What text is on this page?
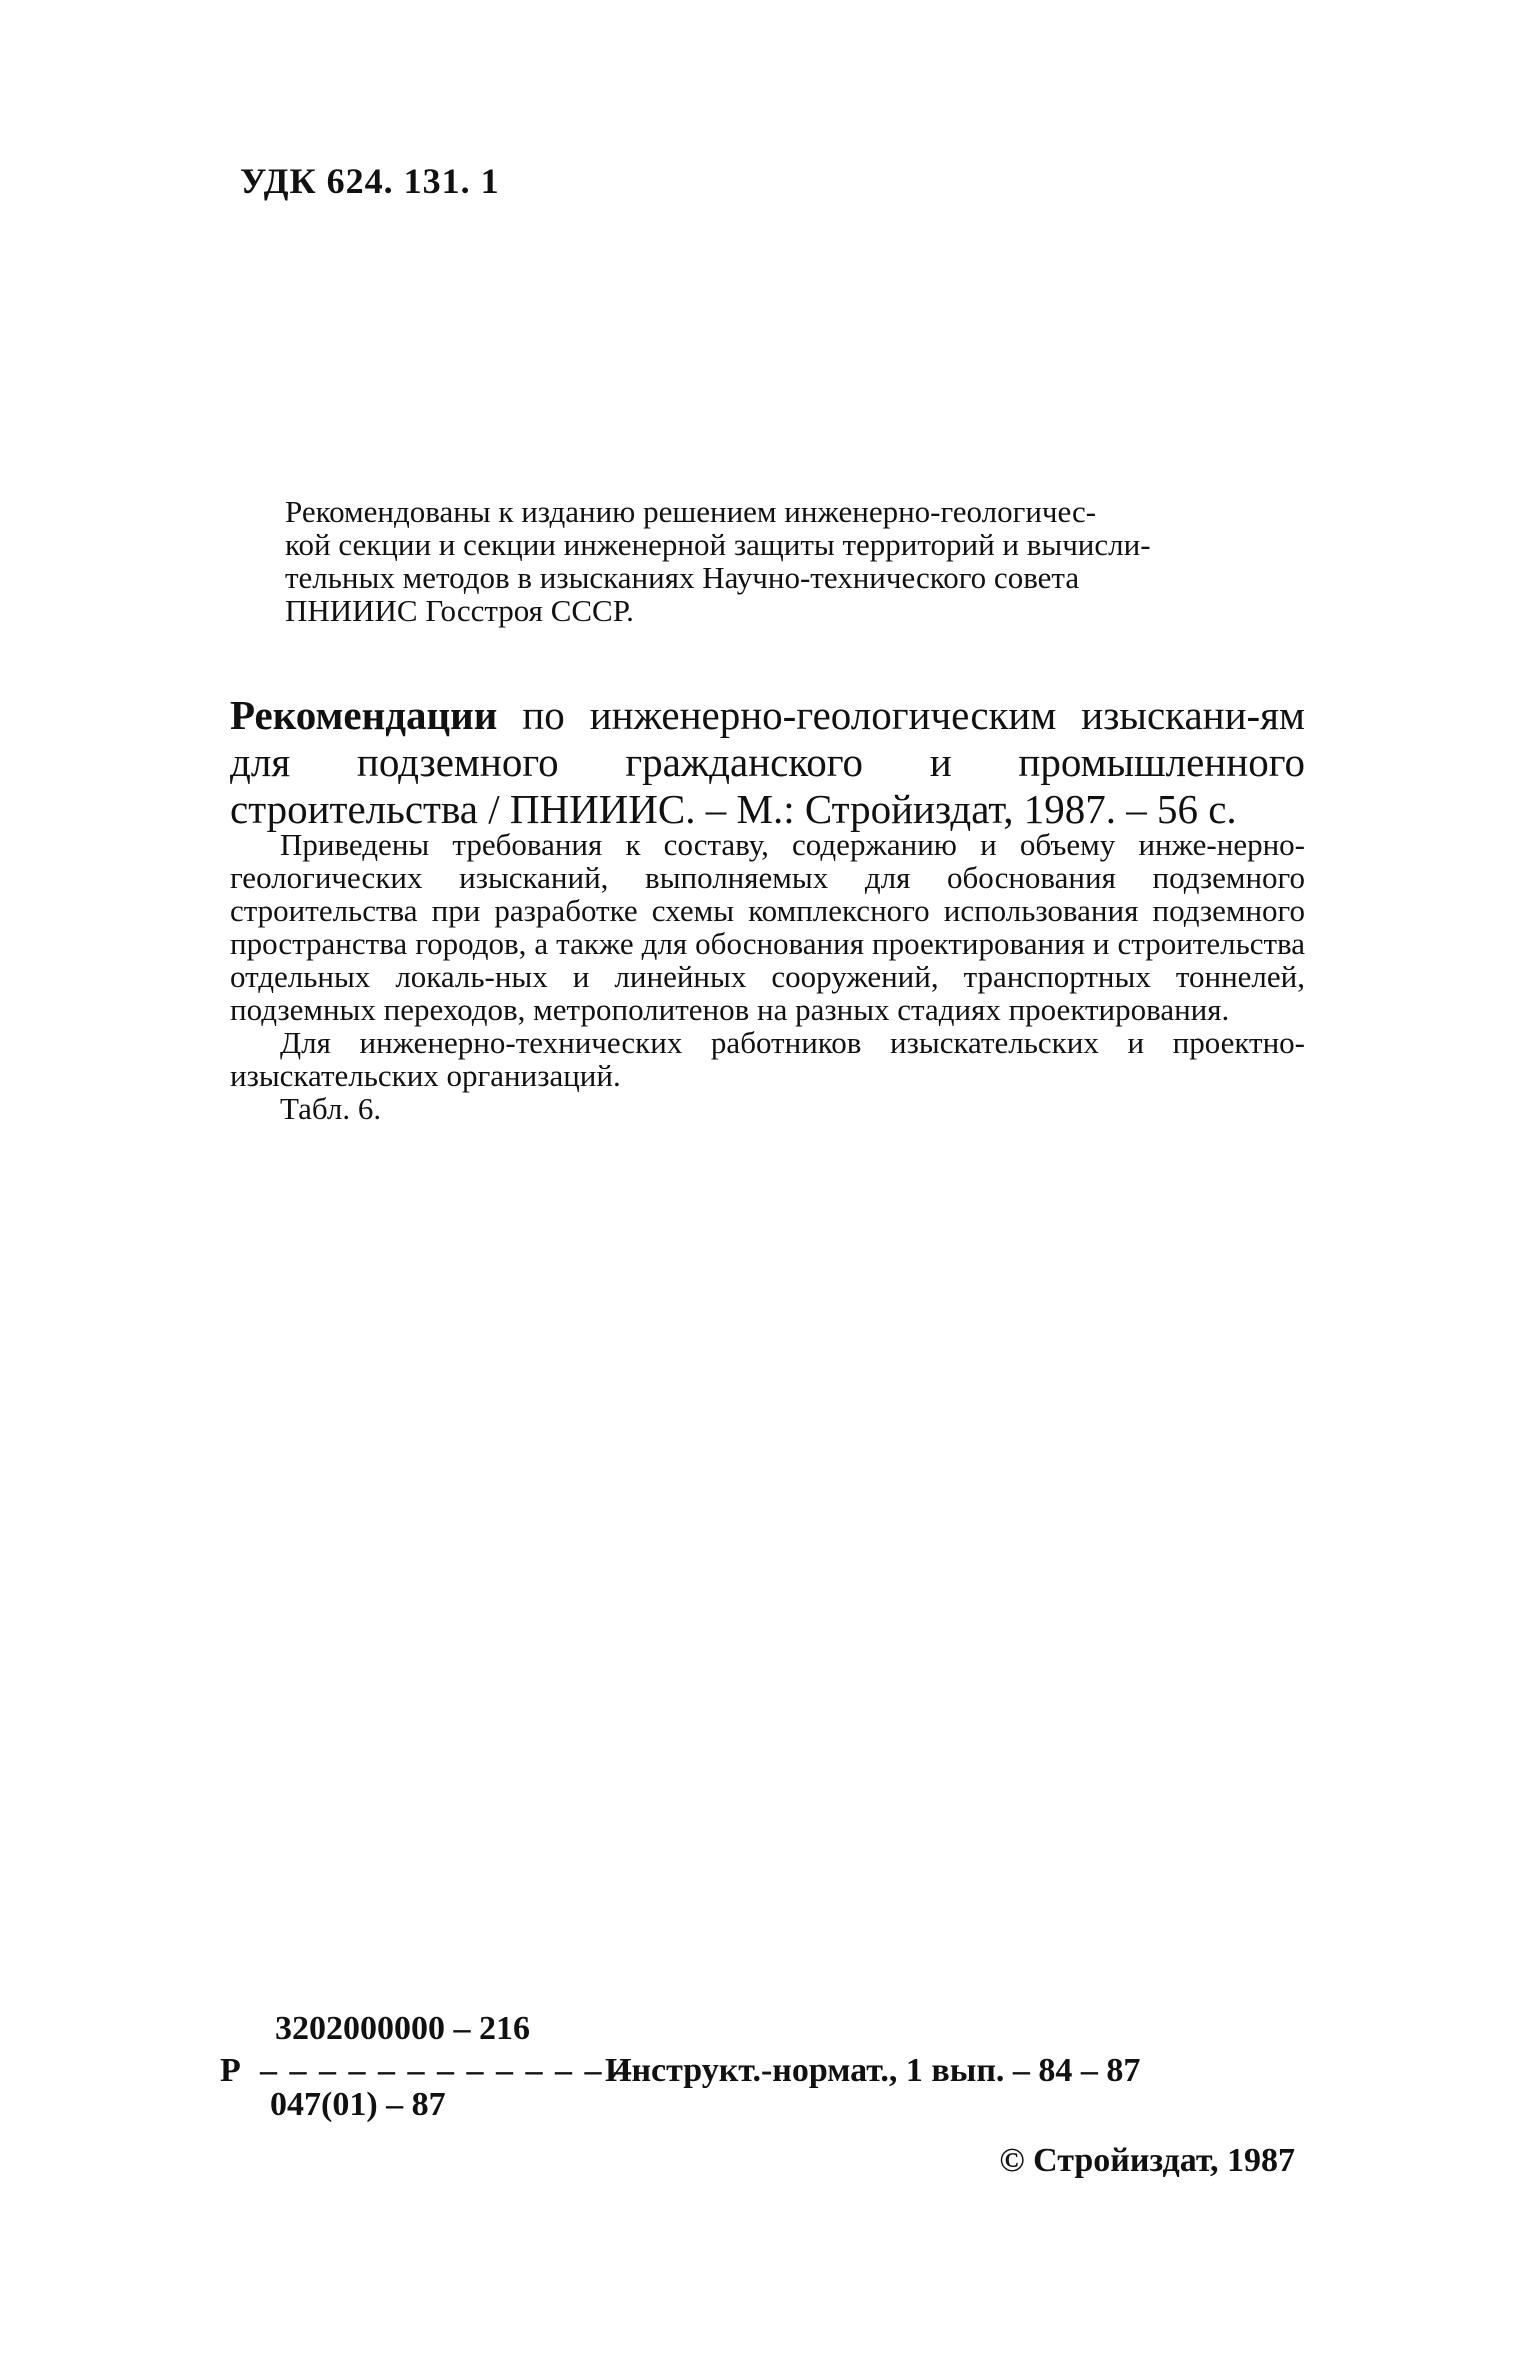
УДК 624. 131. 1
Рекомендованы к изданию решением инженерно-геологичес-
кой секции и секции инженерной защиты территорий и вычисли-
тельных методов в изысканиях Научно-технического совета
ПНИИИС Госстроя СССР.
Рекомендации по инженерно-геологическим изыскани-ям для подземного гражданского и промышленного строительства / ПНИИИС. – М.: Стройиздат, 1987. – 56 с.

Приведены требования к составу, содержанию и объему инже-нерно-геологических изысканий, выполняемых для обоснования подземного строительства при разработке схемы комплексного использования подземного пространства городов, а также для обоснования проектирования и строительства отдельных локаль-ных и линейных сооружений, транспортных тоннелей, подземных переходов, метрополитенов на разных стадиях проектирования.

Для инженерно-технических работников изыскательских и проектно-изыскательских организаций.

Табл. 6.

3202000000 – 216
Р – – – – – – – – – – – – –
047(01) – 87
Инструкт.-нормат., 1 вып. – 84 – 87
© Стройиздат, 1987
